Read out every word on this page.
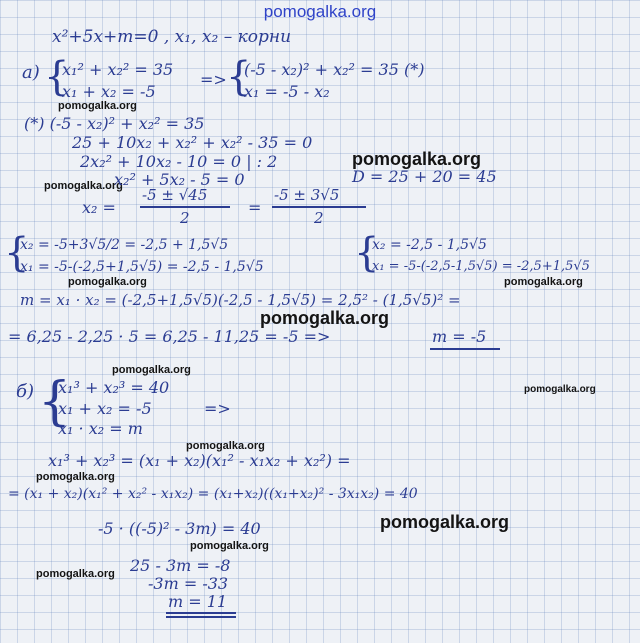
pomogalka.org
x²+5x+m=0 , x₁, x₂ – корни
а) {
x₁² + x₂² = 35
x₁ + x₂ = -5
=> {
(-5 - x₂)² + x₂² = 35 (*)
x₁ = -5 - x₂
pomogalka.org
(*) (-5 - x₂)² + x₂² = 35
25 + 10x₂ + x₂² + x₂² - 35 = 0
2x₂² + 10x₂ - 10 = 0 | : 2	pomogalka.org
pomogalka.org
x₂² + 5x₂ - 5 = 0	D = 25 + 20 = 45
x₂ =
-5 ± √45
2
=
-5 ± 3√5
2
{
x₂ = -5+3√5/2 = -2,5 + 1,5√5
x₁ = -5-(-2,5+1,5√5) = -2,5 - 1,5√5 {
x₂ = -2,5 - 1,5√5
x₁ = -5-(-2,5-1,5√5) = -2,5+1,5√5
pomogalka.org	pomogalka.org
m = x₁ · x₂ = (-2,5+1,5√5)(-2,5 - 1,5√5) = 2,5² - (1,5√5)² =
pomogalka.org
= 6,25 - 2,25 · 5 = 6,25 - 11,25 = -5 =>	m = -5
pomogalka.org
pomogalka.org
б) {
x₁³ + x₂³ = 40
x₁ + x₂ = -5
x₁ · x₂ = m
=>
pomogalka.org
x₁³ + x₂³ = (x₁ + x₂)(x₁² - x₁x₂ + x₂²) =
pomogalka.org
= (x₁ + x₂)(x₁² + x₂² - x₁x₂) = (x₁+x₂)((x₁+x₂)² - 3x₁x₂) = 40
pomogalka.org
-5 · ((-5)² - 3m) = 40
pomogalka.org
pomogalka.org 25 - 3m = -8
-3m = -33
m = 11
